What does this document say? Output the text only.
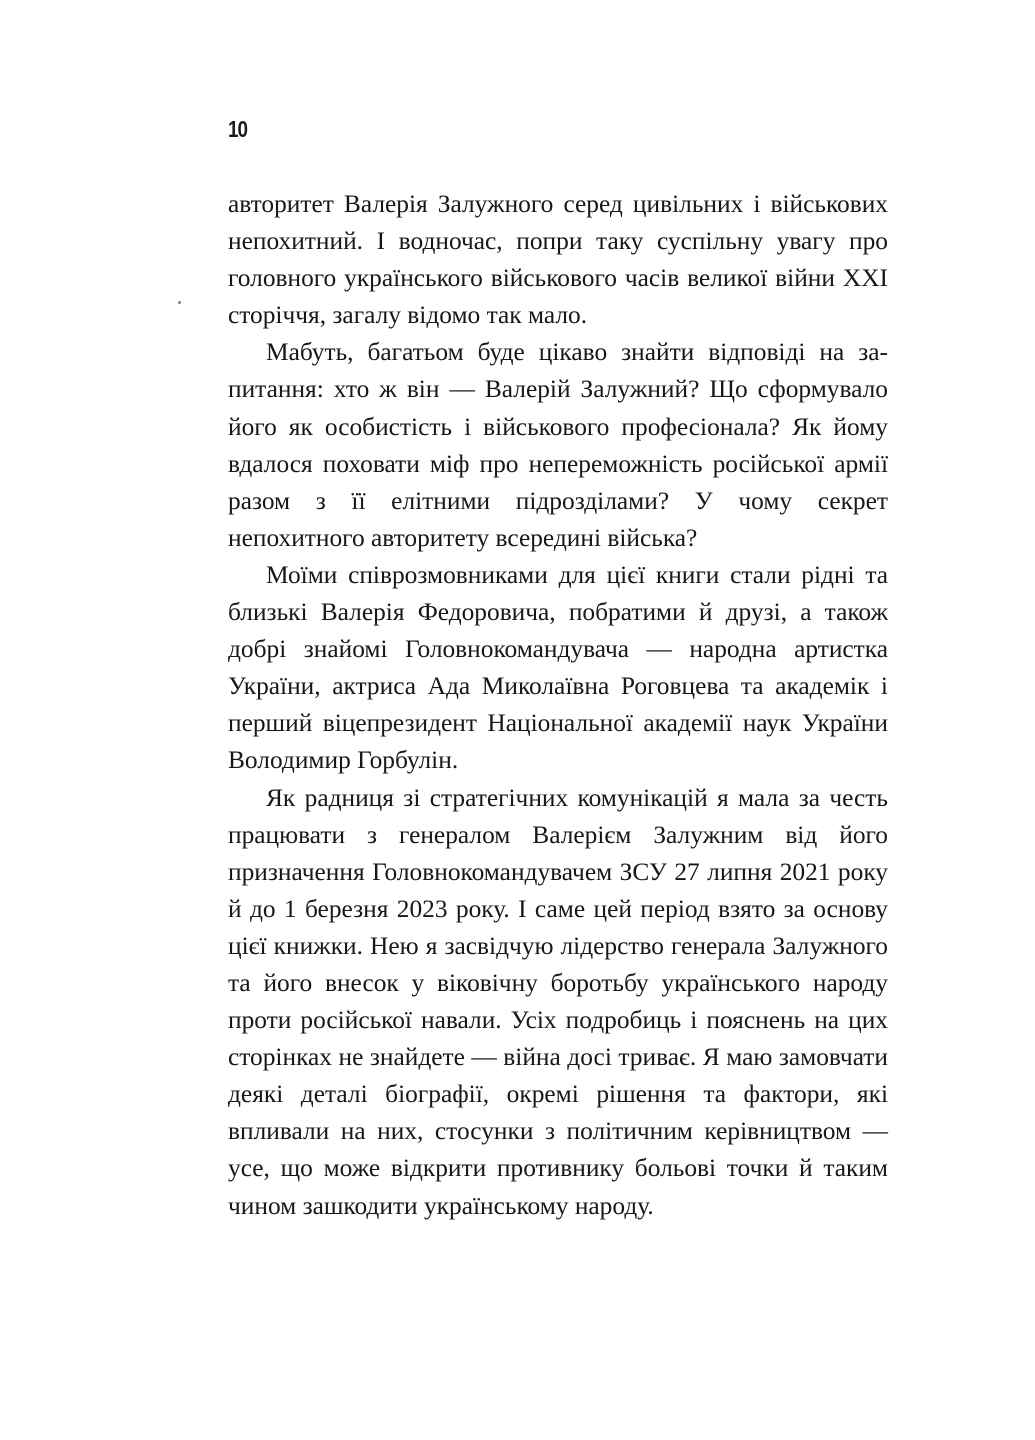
10

авторитет Валерія Залужного серед цивільних і військових непохитний. І водночас, попри таку суспільну увагу про головного українського військового часів великої війни XXI сторіччя, загалу відомо так мало.

Мабуть, багатьом буде цікаво знайти відповіді на запитання: хто ж він — Валерій Залужний? Що сформувало його як особистість і військового професіонала? Як йому вдалося поховати міф про непереможність російської армії разом з її елітними підрозділами? У чому секрет непохитного авторитету всередині війська?

Моїми співрозмовниками для цієї книги стали рідні та близькі Валерія Федоровича, побратими й друзі, а також добрі знайомі Головнокомандувача — народна артистка України, актриса Ада Миколаївна Роговцева та академік і перший віцепрезидент Національної академії наук України Володимир Горбулін.

Як радниця зі стратегічних комунікацій я мала за честь працювати з генералом Валерієм Залужним від його призначення Головнокомандувачем ЗСУ 27 липня 2021 року й до 1 березня 2023 року. І саме цей період взято за основу цієї книжки. Нею я засвідчую лідерство генерала Залужного та його внесок у віковічну боротьбу українського народу проти російської навали. Усіх подробиць і пояснень на цих сторінках не знайдете — війна досі триває. Я маю замовчати деякі деталі біографії, окремі рішення та фактори, які впливали на них, стосунки з політичним керівництвом — усе, що може відкрити противнику больові точки й таким чином зашкодити українському народу.
